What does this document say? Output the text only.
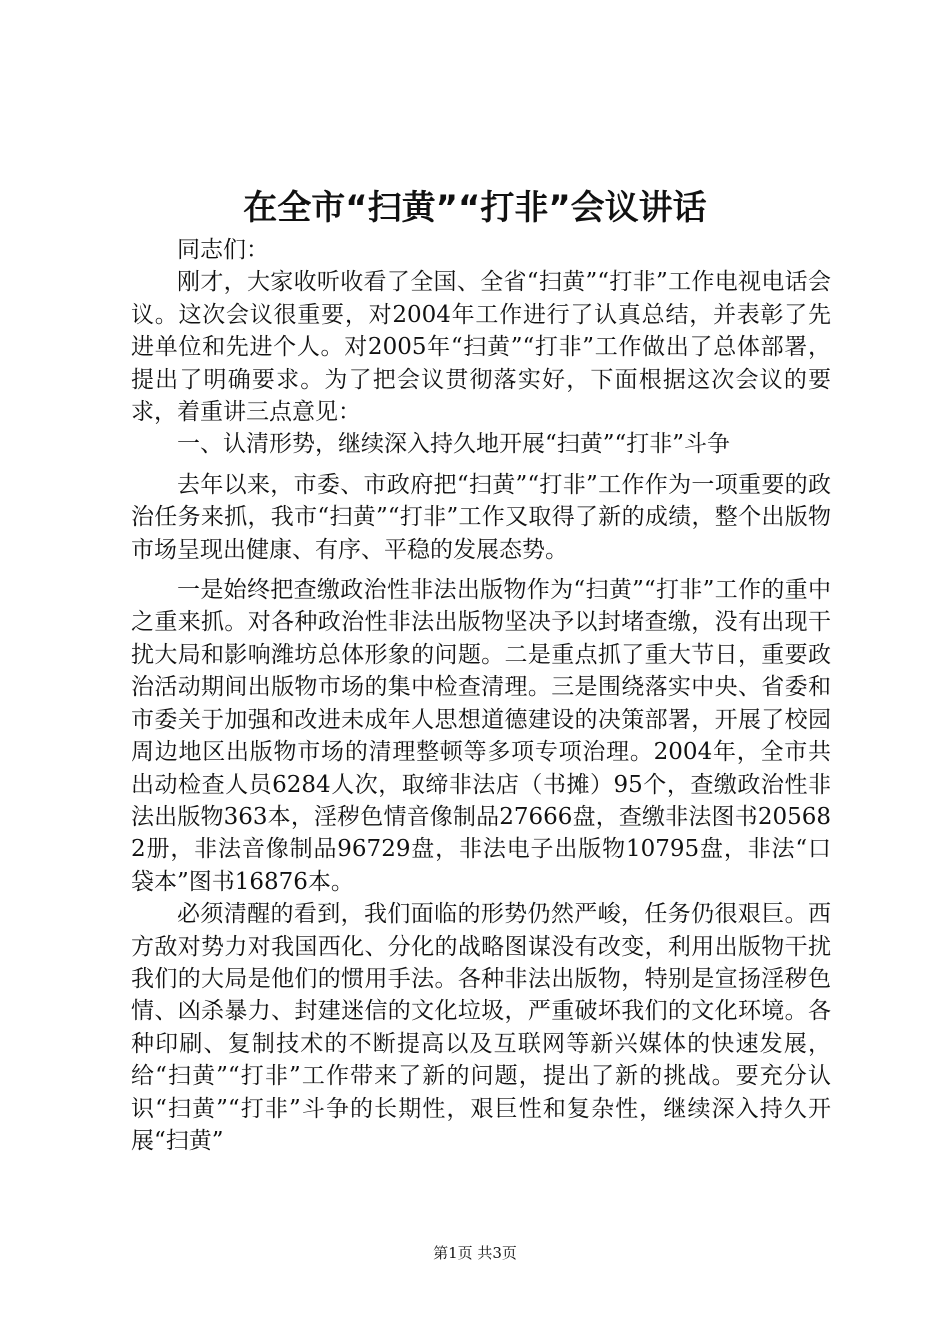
在全市“扫黄”“打非”会议讲话

同志们：

刚才，大家收听收看了全国、全省“扫黄”“打非”工作电视电话会议。这次会议很重要，对2004年工作进行了认真总结，并表彰了先进单位和先进个人。对2005年“扫黄”“打非”工作做出了总体部署，提出了明确要求。为了把会议贯彻落实好，下面根据这次会议的要求，着重讲三点意见：

一、认清形势，继续深入持久地开展“扫黄”“打非”斗争

去年以来，市委、市政府把“扫黄”“打非”工作作为一项重要的政治任务来抓，我市“扫黄”“打非”工作又取得了新的成绩，整个出版物市场呈现出健康、有序、平稳的发展态势。

一是始终把查缴政治性非法出版物作为“扫黄”“打非”工作的重中之重来抓。对各种政治性非法出版物坚决予以封堵查缴，没有出现干扰大局和影响潍坊总体形象的问题。二是重点抓了重大节日，重要政治活动期间出版物市场的集中检查清理。三是围绕落实中央、省委和市委关于加强和改进未成年人思想道德建设的决策部署，开展了校园周边地区出版物市场的清理整顿等多项专项治理。2004年，全市共出动检查人员6284人次，取缔非法店（书摊）95个，查缴政治性非法出版物363本，淫秽色情音像制品27666盘，查缴非法图书205682册，非法音像制品96729盘，非法电子出版物10795盘，非法“口袋本”图书16876本。

必须清醒的看到，我们面临的形势仍然严峻，任务仍很艰巨。西方敌对势力对我国西化、分化的战略图谋没有改变，利用出版物干扰我们的大局是他们的惯用手法。各种非法出版物，特别是宣扬淫秽色情、凶杀暴力、封建迷信的文化垃圾，严重破坏我们的文化环境。各种印刷、复制技术的不断提高以及互联网等新兴媒体的快速发展，给“扫黄”“打非”工作带来了新的问题，提出了新的挑战。要充分认识“扫黄”“打非”斗争的长期性，艰巨性和复杂性，继续深入持久开展“扫黄”

第1页 共3页
